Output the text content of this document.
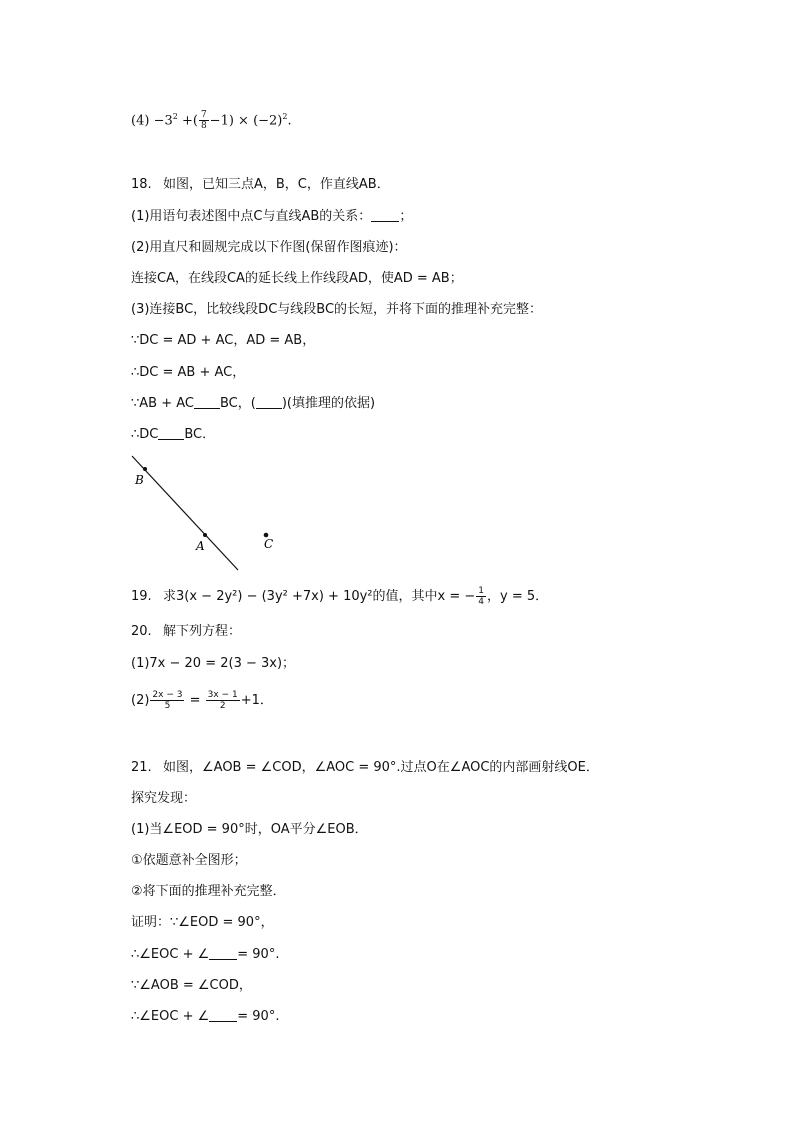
$(4) -3^2$ +( $\frac{7}{8} -1) \times (-2)^2$.
18. 如图，已知三点A，B，C，作直线AB．
(1)用语句表述图中点C与直线AB的关系： ；
(2)用直尺和圆规完成以下作图(保留作图痕迹)：
连接CA，在线段CA的延长线上作线段AD，使AD = AB；
(3)连接BC，比较线段DC与线段BC的长短，并将下面的推理补充完整：
∵DC = AD + AC，AD = AB，
∴DC = AB + AC，
∵AB + AC BC，( )(填推理的依据)
∴DC BC．
B
A	C
19. 求3(x − 2y²) − (3y² +7x) + 10y²的值，其中x = − $\frac{1}{4}$ ，y = 5．
20. 解下列方程：
(1)7x − 20 = 2(3 − 3x)；
$(2) \frac{2x - 3}{5} = \frac{3x - 1}{2} +1$．
21. 如图，∠AOB = ∠COD，∠AOC = 90°.过点O在∠AOC的内部画射线OE．
探究发现：
(1)当∠EOD = 90°时，OA平分∠EOB．
①依题意补全图形；
②将下面的推理补充完整．
证明：∵∠EOD = 90°，
∴∠EOC + ∠ = 90°.
∵∠AOB = ∠COD，
∴∠EOC + ∠ = 90°.
